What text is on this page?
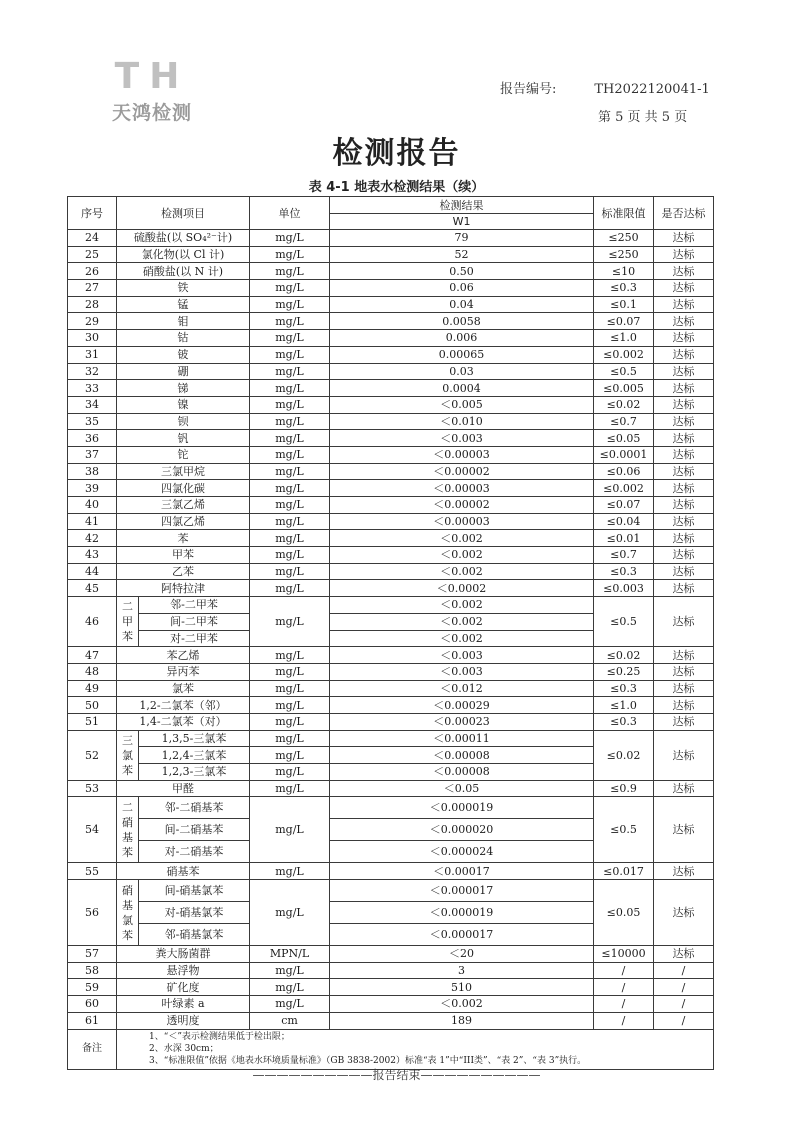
TH
天鸿检测
报告编号:	TH2022120041-1
第 5 页 共 5 页
检测报告
表 4-1 地表水检测结果（续）
序号	检测项目		单位	检测结果	标准限值	是否达标
				W1		
24	硫酸盐(以 SO₄²⁻计)		mg/L	79	≤250	达标
25	氯化物(以 Cl 计)		mg/L	52	≤250	达标
26	硝酸盐(以 N 计)		mg/L	0.50	≤10	达标
27	铁		mg/L	0.06	≤0.3	达标
28	锰		mg/L	0.04	≤0.1	达标
29	钼		mg/L	0.0058	≤0.07	达标
30	钴		mg/L	0.006	≤1.0	达标
31	铍		mg/L	0.00065	≤0.002	达标
32	硼		mg/L	0.03	≤0.5	达标
33	锑		mg/L	0.0004	≤0.005	达标
34	镍		mg/L	＜0.005	≤0.02	达标
35	钡		mg/L	＜0.010	≤0.7	达标
36	钒		mg/L	＜0.003	≤0.05	达标
37	铊		mg/L	＜0.00003	≤0.0001	达标
38	三氯甲烷		mg/L	＜0.00002	≤0.06	达标
39	四氯化碳		mg/L	＜0.00003	≤0.002	达标
40	三氯乙烯		mg/L	＜0.00002	≤0.07	达标
41	四氯乙烯		mg/L	＜0.00003	≤0.04	达标
42	苯		mg/L	＜0.002	≤0.01	达标
43	甲苯		mg/L	＜0.002	≤0.7	达标
44	乙苯		mg/L	＜0.002	≤0.3	达标
45	阿特拉津		mg/L	＜0.0002	≤0.003	达标
46	二甲苯	邻-二甲苯	mg/L	＜0.002	≤0.5	达标
		间-二甲苯		＜0.002		
		对-二甲苯		＜0.002		
47	苯乙烯		mg/L	＜0.003	≤0.02	达标
48	异丙苯		mg/L	＜0.003	≤0.25	达标
49	氯苯		mg/L	＜0.012	≤0.3	达标
50	1,2-二氯苯（邻）		mg/L	＜0.00029	≤1.0	达标
51	1,4-二氯苯（对）		mg/L	＜0.00023	≤0.3	达标
52	三氯苯	1,3,5-三氯苯	mg/L	＜0.00011	≤0.02	达标
		1,2,4-三氯苯	mg/L	＜0.00008		
		1,2,3-三氯苯	mg/L	＜0.00008		
53	甲醛		mg/L	＜0.05	≤0.9	达标
54	二硝基苯	邻-二硝基苯	mg/L	＜0.000019	≤0.5	达标
		间-二硝基苯		＜0.000020		
		对-二硝基苯		＜0.000024		
55	硝基苯		mg/L	＜0.00017	≤0.017	达标
56	硝基氯苯	间-硝基氯苯	mg/L	＜0.000017	≤0.05	达标
		对-硝基氯苯		＜0.000019		
		邻-硝基氯苯		＜0.000017		
57	粪大肠菌群		MPN/L	＜20	≤10000	达标
58	悬浮物		mg/L	3	/	/
59	矿化度		mg/L	510	/	/
60	叶绿素 a		mg/L	＜0.002	/	/
61	透明度		cm	189	/	/
备注	1、“＜”表示检测结果低于检出限；
2、水深 30cm；
3、“标准限值”依据《地表水环境质量标准》（GB 3838-2002）标准“表 1”中“III类”、“表 2”、“表 3”执行。					
——————————报告结束——————————
